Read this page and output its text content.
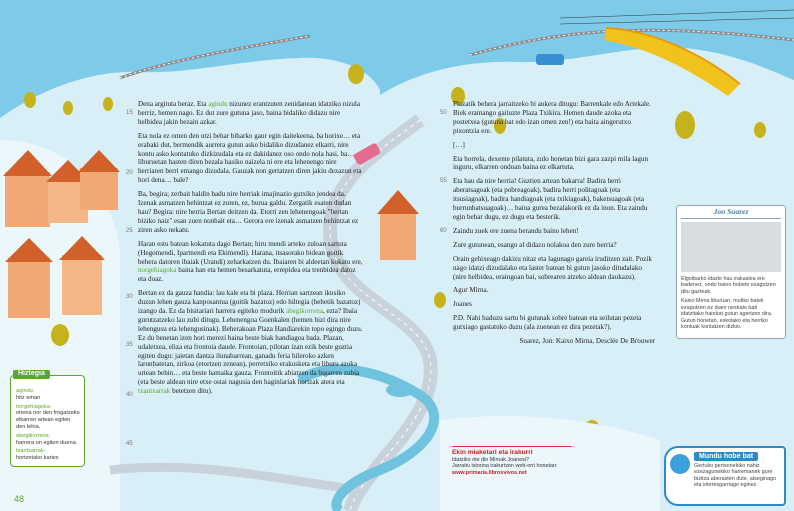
Dena argituta beraz. Eta agindu nizunez erantzuten zenidanean idatziko nizula berriz, hemen nago. Ez dut zure gutuna jaso, baina bidaliko didazu nire helbidea jakin bezain azkar.

Eta nola ez omen den utzi behar biharko gaur egin daitekeena, ba horixe… eta erabaki dut, bermendik aurrera gutun asko bidaliko dizudanez elkarri, nire kontu asko kontatuko dizkizudala eta ez dakidanez oso ondo nola hasi, ba… liburuetan hasten diren bezala hasiko naizela ni ere eta lehenengo nire herriaren berri emango dizudala. Gauzak non gertatzen diren jakin dezazun eta hori dena… bale?

Ba, begira; zerbait baldin badu nire herriak imajinazio gutxiko jendea da. Izenak asmatzen behintzat ez zuten, ez, burua galdu. Zergatik esaten dudan hau? Begira: nire herria Bertan deitzen da. Etorri zen lehenengoak "bertan biziko naiz" esan zuen nonbait eta… Gerora ere izenak asmatzen behintzat ez ziren asko nekatu.

Haran estu batean kokatuta dago Bertan; hiru mendi arteko zuloan sartuta (Hegomendi, Iparmendi eta Ekimendi). Harana, itsasorako bidean goitik behera datoren ibaiak (Urandi) zeharkatzen du. Ibaiaren bi aldeetan kokatu ere, norgehiagoka baina han eta hemen besarkatuta, errepidea eta trenbidea datoz eta doaz.

Bertan ez da gauza handia: lau kale eta bi plaza. Herrian sartzean ikusiko duzun lehen gauza kanposantua (goitik bazatoz) edo hiltegia (behetik bazatoz) izango da. Ez da bisitariari harrera egiteko modurik abegikorrena, ezta? Ibaia gurutzatzeko lau zubi ditugu. Lehenengoa Goenkalen (hemen bizi dira nire lehengusu eta lehengusinak). Beherakoan Plaza Handiarekin topo egingo duzu. Ez du benetan izen hori merezi baina beste biak handiagoa bada. Plazan, udaletxea, eliza eta frontoia daude. Frontoian, pilotan izan ezik beste guztia egiten dugu: jaietan dantza ilunabarrean, ganadu feria hileroko azken larunbatetan, zirkoa (etortzen zenean), perretxiko erakusketa eta liburu azoka urtean behin… eta beste hamaika gauza. Frontoitik abiatzen da bigarren zubia (eta beste aldean nire etxe ostai nagusia den haginlariak hortzak atera eta txantxarrak betetzen ditu).

15
20
25
30
35
40
45

Plazatik behera jarraitzeko bi aukera ditugu: Barrenkale edo Artekale. Biek eramango gaituzte Plaza Txikira. Hemen daude azoka eta postetxea (gutuna bat edo izan omen zen!) eta baita aingerutxo pixontzia ere.

[…]

Eta horrela, dexente pilatuta, zulo honetan bizi gara zazpi mila lagun inguru, elkarren ondoan baina ez elkartuta.

Eta hau da nire herria! Guztien artean bakarra! Badira herri aberatsagoak (eta pobreagoak), badira herri politagoak (eta itsusiagoak), badira handiagoak (eta txikiagoak), baketsuagoak (eta burrunbatsuagoak)… baina gurea bezalakorik ez da inon. Eta zaindu egin behar dugu, ez dugu eta besterik.

Zaindu zuek ere zuena berandu baino lehen!

Zure gutunean, esango al didazu nolakoa den zure herria?

Orain gehixeago dakizu nitaz eta lagunago gareia iruditzen zait. Pozik nago idatzi dizudalako eta laster batean bi gutun jasoko ditudalako (nire helbidea, oraingoan bai, sobrearen atzeko aldean daukazu).

Agur Mirna.

Joanes

P.D. Nahi baduzu sartu bi gutunak sobre batean eta seilutan pezeta gutxiago gastatuko duzu (ala zuenean ez dira pezetak?).

Suarez, Jon: Kaixo Mirna, Desclée De Brouwer

50
55
60
48
Hiztegia
agindu:
hitz eman
norgehiagoka:
onena nor den frogatzeko elkarren artean egiten den lehia.
abegikorrena:
harrera on egiten duena.
txantxarrak:
hortzetako karies
Ekin miaketari eta irakurri
Idatziko ote dio Mirnak Joanesi?
Jarraitu istorioa irakurtzen web-orri honetan:
www.primaria.librosvivos.net
Jon Suarez

Elgoibarko idazle hau irakaslea ere badenez, ondo baino hobeto ezagutzen ditu gazteak.

Kaixo Mirna liburuan, mutiko batek ezagutzen ez duen neskato bati idatzitako hainbat gutun agertzen dira. Gutun horietan, eskolako eta herriko kontuak kontatzen dizkio.

Mundu hobe bat
Gertuko pertsonekiko nahiz ezezagunekiko harremanek gure bizitza aberasten dute, atseginago eta interesgarriago eginez.
